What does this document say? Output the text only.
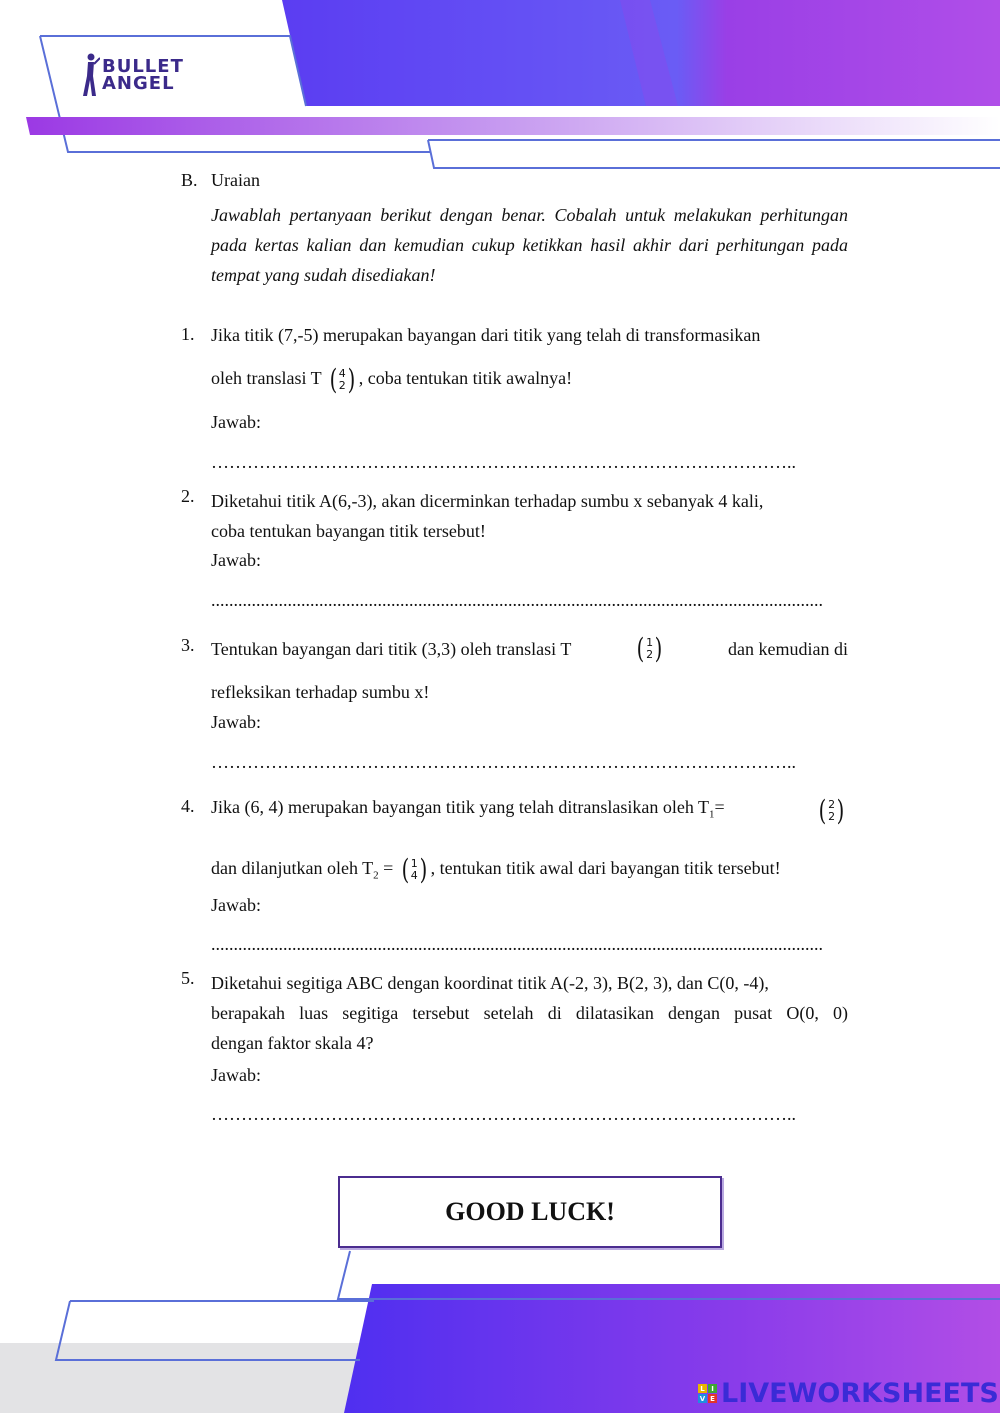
BULLET
ANGEL
B. Uraian
Jawablah pertanyaan berikut dengan benar. Cobalah untuk melakukan perhitungan pada kertas kalian dan kemudian cukup ketikkan hasil akhir dari perhitungan pada tempat yang sudah disediakan!
1. Jika titik (7,-5) merupakan bayangan dari titik yang telah di transformasikan
oleh translasi T ( 4
2 ) , coba tentukan titik awalnya!
Jawab:
……………………………………………………………………………………..
2. Diketahui titik A(6,-3), akan dicerminkan terhadap sumbu x sebanyak 4 kali,
coba tentukan bayangan titik tersebut!
Jawab:
........................................................................................................................................
3. Tentukan bayangan dari titik (3,3) oleh translasi T ( 1
2 )	dan kemudian di
refleksikan terhadap sumbu x!
Jawab:
……………………………………………………………………………………..
4. Jika (6, 4) merupakan bayangan titik yang telah ditranslasikan oleh $T_1=$	( 2
2 )
dan dilanjutkan oleh $T_2$ = ( 1
4 ) , tentukan titik awal dari bayangan titik tersebut!
Jawab:
........................................................................................................................................
5. Diketahui segitiga ABC dengan koordinat titik A(-2, 3), B(2, 3), dan C(0, -4),
berapakah luas segitiga tersebut setelah di dilatasikan dengan pusat O(0, 0)
dengan faktor skala 4?
Jawab:
……………………………………………………………………………………..
GOOD LUCK!
L I
V E LIVEWORKSHEETS
